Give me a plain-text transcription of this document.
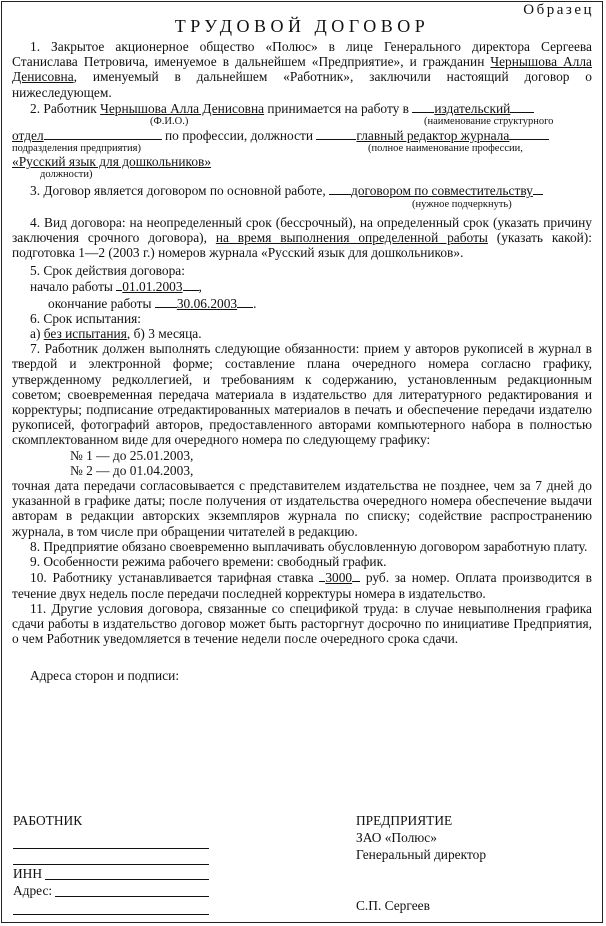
Образец
ТРУДОВОЙ ДОГОВОР

1. Закрытое акционерное общество «Полюс» в лице Генерального директора Сергеева Станислава Петровича, именуемое в дальнейшем «Предприятие», и гражданин Чернышова Алла Денисовна, именуемый в дальнейшем «Работник», заключили настоящий договор о нижеследующем.

2. Работник Чернышова Алла Денисовна принимается на работу в издательский
(Ф.И.О.)	(наименование структурного
отдел	по профессии, должности	главный редактор журнала
подразделения предприятия)	(полное наименование профессии,
«Русский язык для дошкольников»
должности)
3. Договор является договором по основной работе, договором по совместительству
(нужное подчеркнуть)

4. Вид договора: на неопределенный срок (бессрочный), на определенный срок (указать причину заключения срочного договора), на время выполнения определенной работы (указать какой): подготовка 1—2 (2003 г.) номеров журнала «Русский язык для дошкольников».

5. Срок действия договора:
начало работы 01.01.2003 ,
окончание работы 30.06.2003 .
6. Срок испытания:
а) без испытания, б) 3 месяца.

7. Работник должен выполнять следующие обязанности: прием у авторов рукописей в журнал в твердой и электронной форме; составление плана очередного номера согласно графику, утвержденному редколлегией, и требованиям к содержанию, установленным редакционным советом; своевременная передача материала в издательство для литературного редактирования и корректуры; подписание отредактированных материалов в печать и обеспечение передачи издателю рукописей, фотографий авторов, предоставленного авторами компьютерного набора в полностью скомплектованном виде для очередного номера по следующему графику:

№ 1 — до 25.01.2003,
№ 2 — до 01.04.2003,

точная дата передачи согласовывается с представителем издательства не позднее, чем за 7 дней до указанной в графике даты; после получения от издательства очередного номера обеспечение выдачи авторам в редакции авторских экземпляров журнала по списку; содействие распространению журнала, в том числе при обращении читателей в редакцию.

8. Предприятие обязано своевременно выплачивать обусловленную договором заработную плату.

9. Особенности режима рабочего времени: свободный график.

10. Работнику устанавливается тарифная ставка 3000 руб. за номер. Оплата производится в течение двух недель после передачи последней корректуры номера в издательство.

11. Другие условия договора, связанные со спецификой труда: в случае невыполнения графика сдачи работы в издательство договор может быть расторгнут досрочно по инициативе Предприятия, о чем Работник уведомляется в течение недели после очередного срока сдачи.

Адреса сторон и подписи:
РАБОТНИК
ИНН
Адрес:
ПРЕДПРИЯТИЕ
ЗАО «Полюс»
Генеральный директор
С.П. Сергеев
